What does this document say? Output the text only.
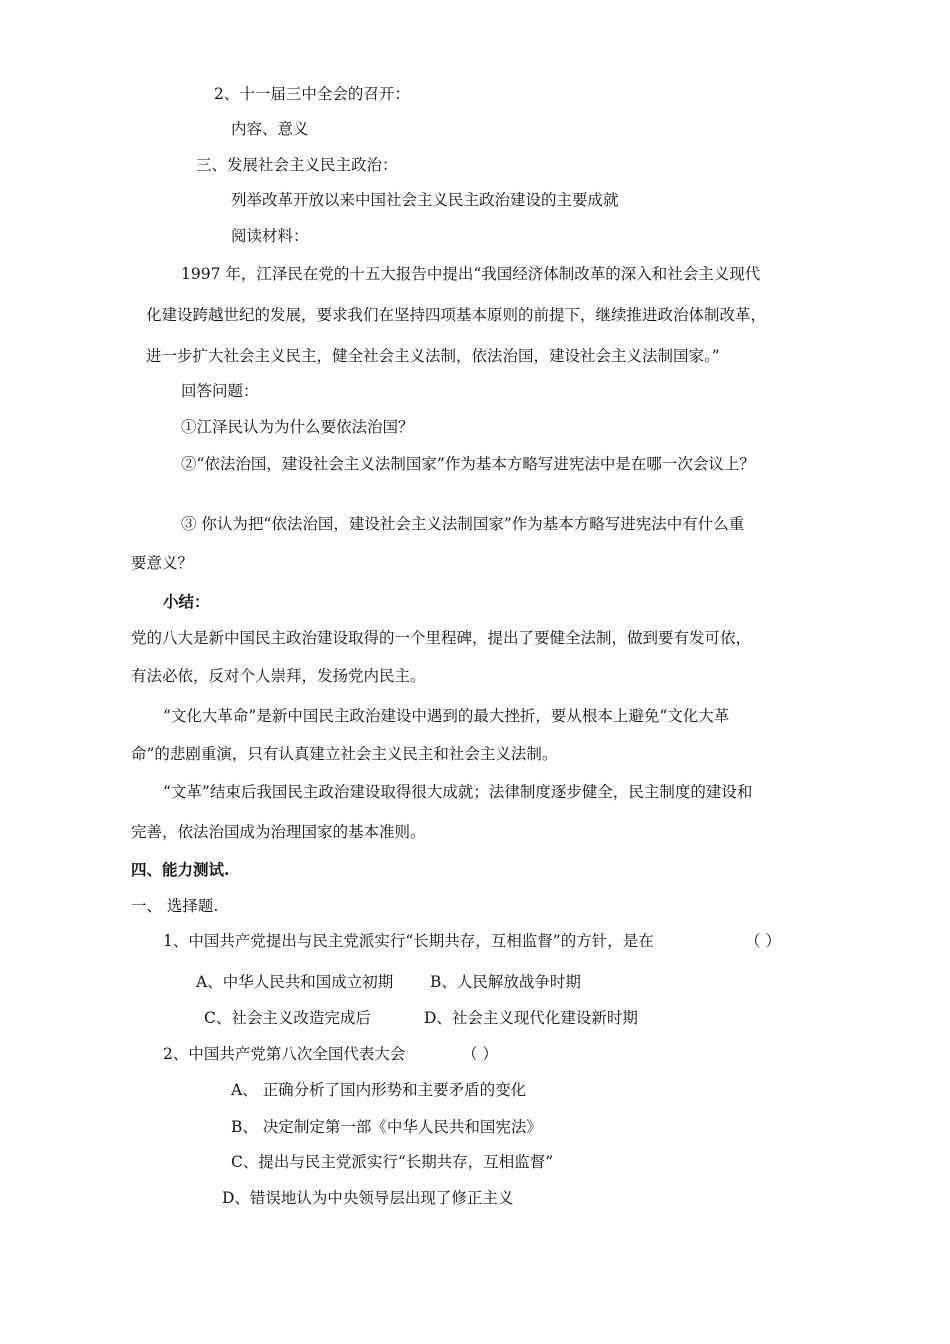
2、十一届三中全会的召开：
内容、意义
三、发展社会主义民主政治：
列举改革开放以来中国社会主义民主政治建设的主要成就
阅读材料：
1997 年，江泽民在党的十五大报告中提出“我国经济体制改革的深入和社会主义现代
化建设跨越世纪的发展，要求我们在坚持四项基本原则的前提下，继续推进政治体制改革，
进一步扩大社会主义民主，健全社会主义法制，依法治国，建设社会主义法制国家。”
回答问题：
①江泽民认为为什么要依法治国？
②“依法治国，建设社会主义法制国家”作为基本方略写进宪法中是在哪一次会议上？
③ 你认为把“依法治国，建设社会主义法制国家”作为基本方略写进宪法中有什么重
要意义？
小结：
党的八大是新中国民主政治建设取得的一个里程碑，提出了要健全法制，做到要有发可依，
有法必依，反对个人崇拜，发扬党内民主。
“文化大革命”是新中国民主政治建设中遇到的最大挫折，要从根本上避免“文化大革
命”的悲剧重演，只有认真建立社会主义民主和社会主义法制。
“文革”结束后我国民主政治建设取得很大成就；法律制度逐步健全，民主制度的建设和
完善，依法治国成为治理国家的基本准则。
四、能力测试.
一、 选择题.
1、中国共产党提出与民主党派实行“长期共存，互相监督”的方针，是在	（ ）
A、中华人民共和国成立初期 B、人民解放战争时期
C、社会主义改造完成后	D、社会主义现代化建设新时期
2、中国共产党第八次全国代表大会	（ ）
A、 正确分析了国内形势和主要矛盾的变化
B、 决定制定第一部《中华人民共和国宪法》
C、提出与民主党派实行“长期共存，互相监督”
D、错误地认为中央领导层出现了修正主义
